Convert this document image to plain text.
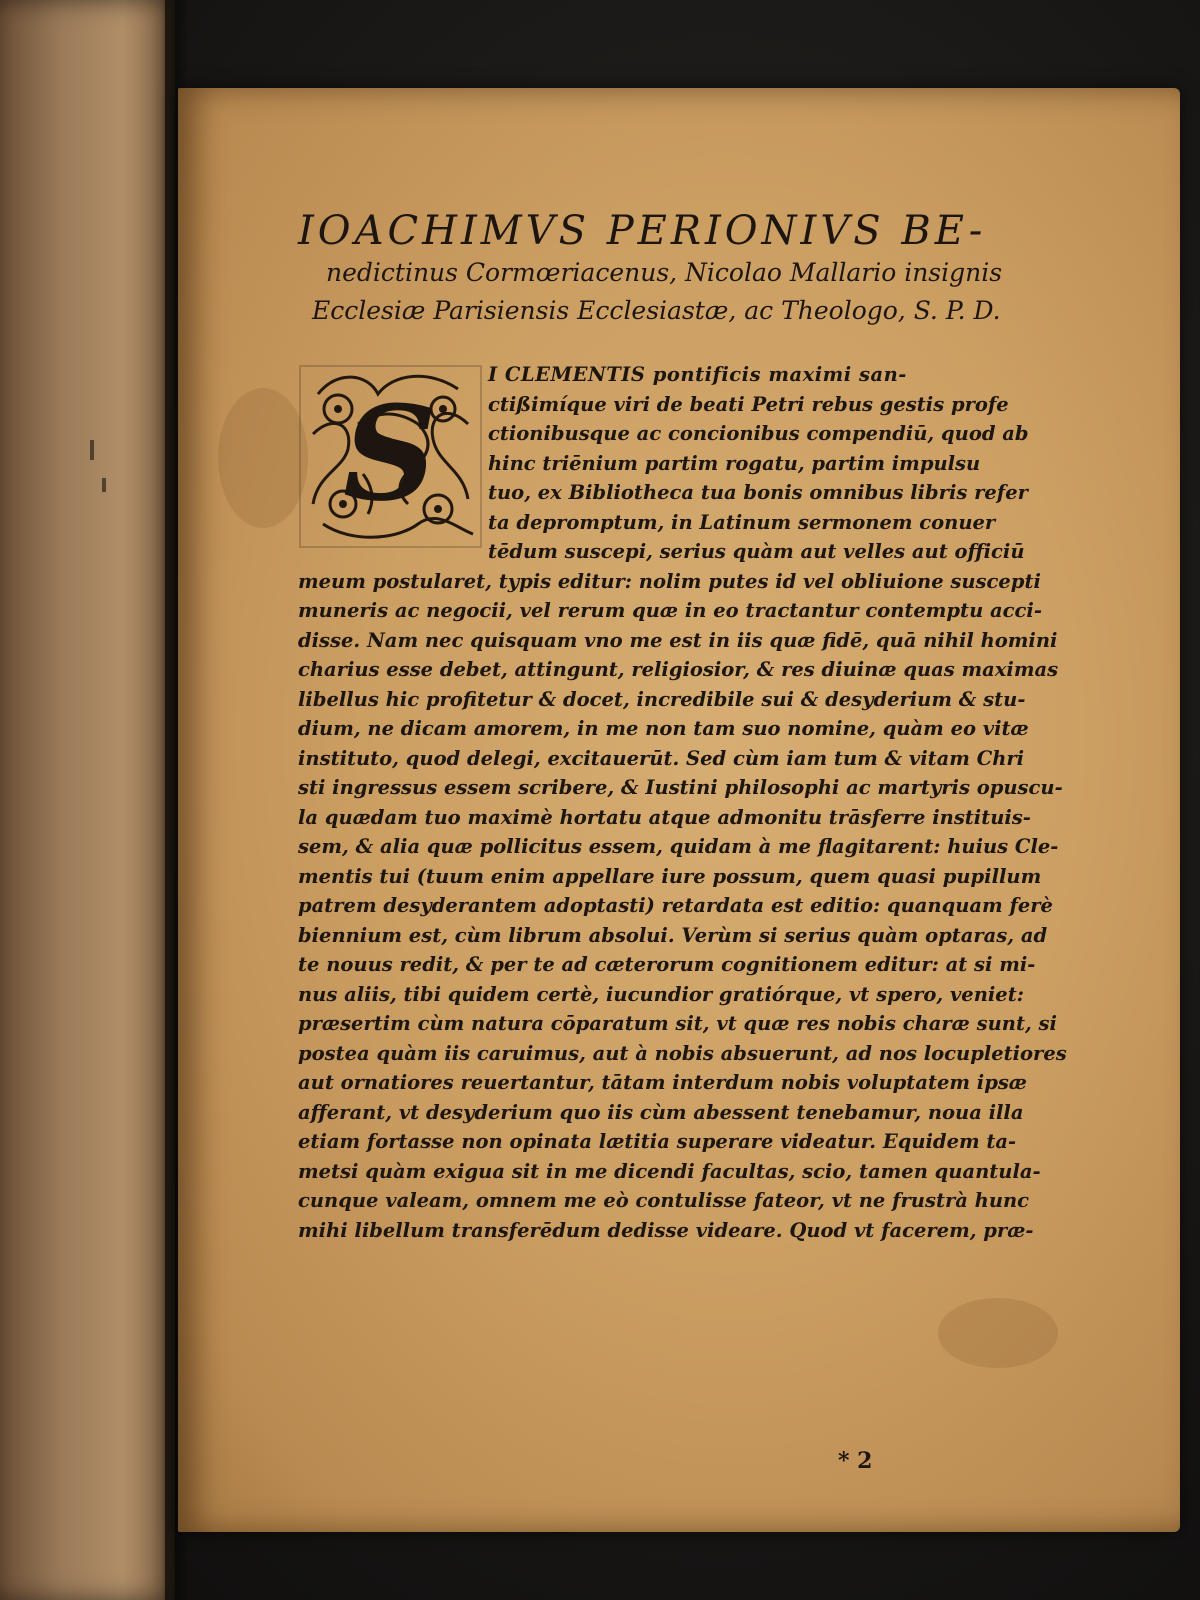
IOACHIMVS PERIONIVS BE-
nedictinus Cormœriacenus, Nicolao Mallario insignis
Ecclesiæ Parisiensis Ecclesiastæ, ac Theologo, S. P. D.
S
I CLEMENTIS pontificis maximi san-
ctißimíque viri de beati Petri rebus gestis profe
ctionibusque ac concionibus compendiū, quod ab
hinc triēnium partim rogatu, partim impulsu
tuo, ex Bibliotheca tua bonis omnibus libris refer
ta depromptum, in Latinum sermonem conuer
tēdum suscepi, serius quàm aut velles aut officiū
meum postularet, typis editur: nolim putes id vel obliuione suscepti
muneris ac negocii, vel rerum quæ in eo tractantur contemptu acci-
disse. Nam nec quisquam vno me est in iis quæ fidē, quā nihil homini
charius esse debet, attingunt, religiosior, & res diuinæ quas maximas
libellus hic profitetur & docet, incredibile sui & desyderium & stu-
dium, ne dicam amorem, in me non tam suo nomine, quàm eo vitæ
instituto, quod delegi, excitauerūt. Sed cùm iam tum & vitam Chri
sti ingressus essem scribere, & Iustini philosophi ac martyris opuscu-
la quædam tuo maximè hortatu atque admonitu trāsferre instituis-
sem, & alia quæ pollicitus essem, quidam à me flagitarent: huius Cle-
mentis tui (tuum enim appellare iure possum, quem quasi pupillum
patrem desyderantem adoptasti) retardata est editio: quanquam ferè
biennium est, cùm librum absolui. Verùm si serius quàm optaras, ad
te nouus redit, & per te ad cæterorum cognitionem editur: at si mi-
nus aliis, tibi quidem certè, iucundior gratiórque, vt spero, veniet:
præsertim cùm natura cōparatum sit, vt quæ res nobis charæ sunt, si
postea quàm iis caruimus, aut à nobis absuerunt, ad nos locupletiores
aut ornatiores reuertantur, tātam interdum nobis voluptatem ipsæ
afferant, vt desyderium quo iis cùm abessent tenebamur, noua illa
etiam fortasse non opinata lætitia superare videatur. Equidem ta-
metsi quàm exigua sit in me dicendi facultas, scio, tamen quantula-
cunque valeam, omnem me eò contulisse fateor, vt ne frustrà hunc
mihi libellum transferēdum dedisse videare. Quod vt facerem, præ-
* 2
